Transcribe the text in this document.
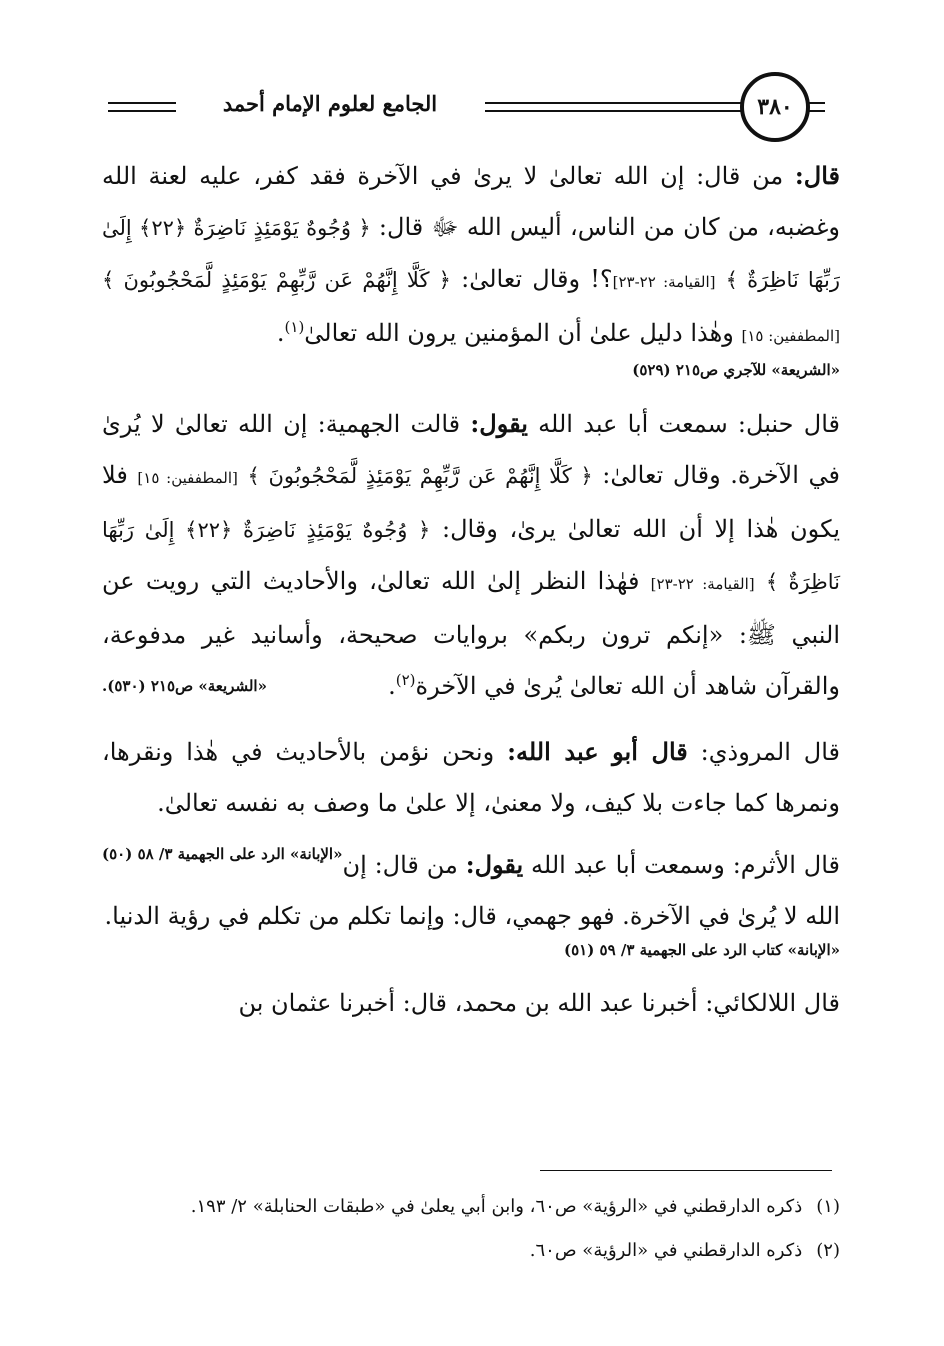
الجامع لعلوم الإمام أحمد	٣٨٠

قال: من قال: إن الله تعالىٰ لا يرىٰ في الآخرة فقد كفر، عليه لعنة الله وغضبه، من كان من الناس، أليس الله ﷻ قال: ﴿ وُجُوهٌ يَوْمَئِذٍ نَاضِرَةٌ ﴿٢٢﴾ إِلَىٰ رَبِّهَا نَاظِرَةٌ ﴾ [القيامة: ٢٢-٢٣]؟! وقال تعالىٰ: ﴿ كَلَّا إِنَّهُمْ عَن رَّبِّهِمْ يَوْمَئِذٍ لَّمَحْجُوبُونَ ﴾ [المطففين: ١٥] وهٰذا دليل علىٰ أن المؤمنين يرون الله تعالىٰ$^{(١)}$.

«الشريعة» للآجري ص٢١٥ (٥٢٩)

قال حنبل: سمعت أبا عبد الله يقول: قالت الجهمية: إن الله تعالىٰ لا يُرىٰ في الآخرة. وقال تعالىٰ: ﴿ كَلَّا إِنَّهُمْ عَن رَّبِّهِمْ يَوْمَئِذٍ لَّمَحْجُوبُونَ ﴾ [المطففين: ١٥] فلا يكون هٰذا إلا أن الله تعالىٰ يرىٰ، وقال: ﴿ وُجُوهٌ يَوْمَئِذٍ نَاضِرَةٌ ﴿٢٢﴾ إِلَىٰ رَبِّهَا نَاظِرَةٌ ﴾ [القيامة: ٢٢-٢٣] فهٰذا النظر إلىٰ الله تعالىٰ، والأحاديث التي رويت عن النبي ﷺ: «إنكم ترون ربكم» بروايات صحيحة، وأسانيد غير مدفوعة، والقرآن شاهد أن الله تعالىٰ يُرىٰ في الآخرة$^{(٢)}$.
«الشريعة» ص٢١٥ (٥٣٠).

قال المروذي: قال أبو عبد الله: ونحن نؤمن بالأحاديث في هٰذا ونقرها، ونمرها كما جاءت بلا كيف، ولا معنىٰ، إلا علىٰ ما وصف به نفسه تعالىٰ.
«الإبانة» الرد على الجهمية ٣/ ٥٨ (٥٠)	قال الأثرم: وسمعت أبا عبد الله يقول: من قال: إن الله لا يُرىٰ في الآخرة. فهو جهمي، قال: وإنما تكلم من تكلم في رؤية الدنيا.

«الإبانة» كتاب الرد على الجهمية ٣/ ٥٩ (٥١)

قال اللالكائي: أخبرنا عبد الله بن محمد، قال: أخبرنا عثمان بن

(١)ذكره الدارقطني في «الرؤية» ص٦٠، وابن أبي يعلىٰ في «طبقات الحنابلة» ٢/ ١٩٣.

(٢)ذكره الدارقطني في «الرؤية» ص٦٠.
